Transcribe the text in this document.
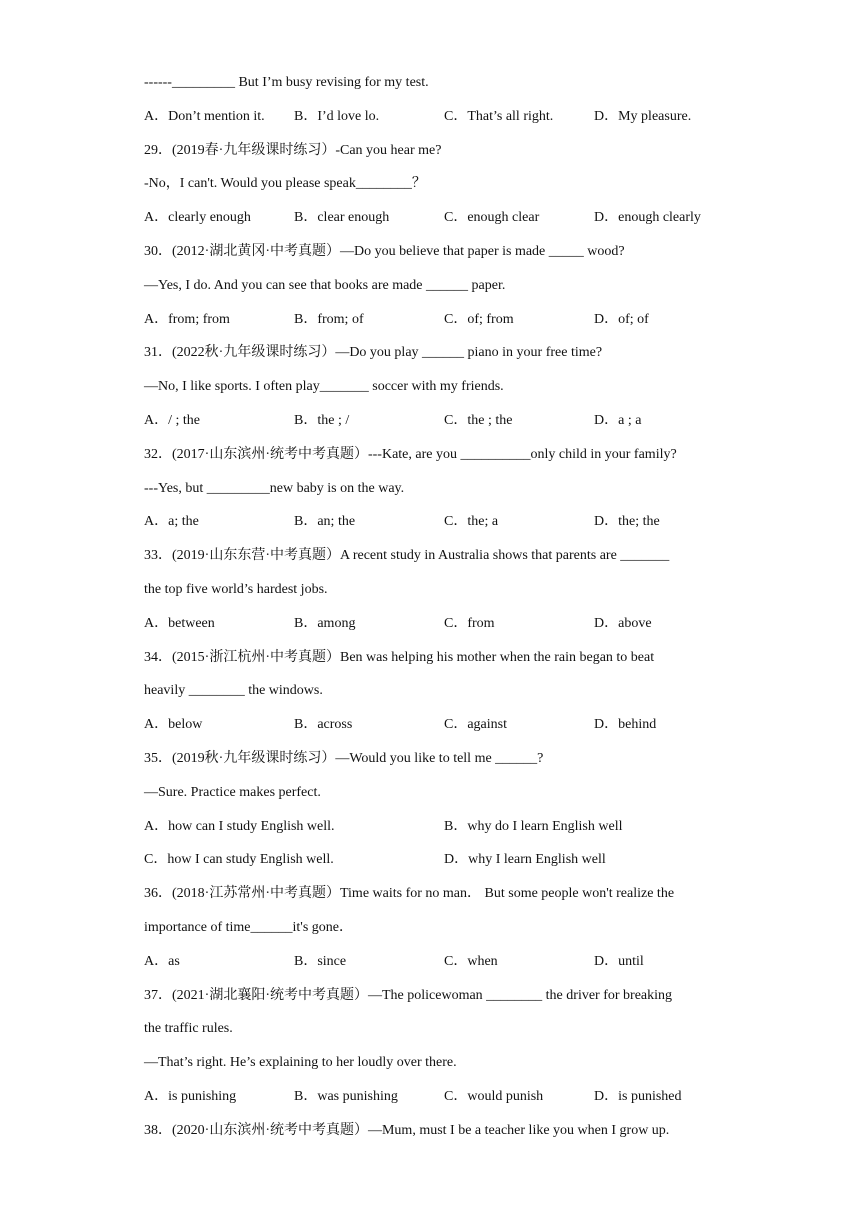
------_________ But I’m busy revising for my test.
A．Don’t mention it. B．I’d love lo.	C．That’s all right.	D．My pleasure.
29．(2019春·九年级课时练习）-Can you hear me?
-No，I can't. Would you please speak________？
A．clearly enough	B．clear enough	C．enough clear	D．enough clearly
30．(2012·湖北黄冈·中考真题）—Do you believe that paper is made _____ wood?
—Yes, I do. And you can see that books are made ______ paper.
A．from; from	B．from; of	C．of; from	D．of; of
31．(2022秋·九年级课时练习）—Do you play ______ piano in your free time?
—No, I like sports. I often play_______ soccer with my friends.
A．/ ; the	B．the ; /	C．the ; the	D．a ; a
32．(2017·山东滨州·统考中考真题）---Kate, are you __________only child in your family?
---Yes, but _________new baby is on the way.
A．a; the	B．an; the	C．the; a	D．the; the
33．(2019·山东东营·中考真题）A recent study in Australia shows that parents are _______
the top five world’s hardest jobs.
A．between	B．among	C．from	D．above
34．(2015·浙江杭州·中考真题）Ben was helping his mother when the rain began to beat
heavily ________ the windows.
A．below	B．across	C．against	D．behind
35．(2019秋·九年级课时练习）—Would you like to tell me ______?
—Sure. Practice makes perfect.
A．how can I study English well.	B．why do I learn English well
C．how I can study English well.	D．why I learn English well
36．(2018·江苏常州·中考真题）Time waits for no man． But some people won't realize the
importance of time______it's gone．
A．as	B．since	C．when	D．until
37．(2021·湖北襄阳·统考中考真题）—The policewoman ________ the driver for breaking
the traffic rules.
—That’s right. He’s explaining to her loudly over there.
A．is punishing	B．was punishing	C．would punish	D．is punished
38．(2020·山东滨州·统考中考真题）—Mum, must I be a teacher like you when I grow up.
